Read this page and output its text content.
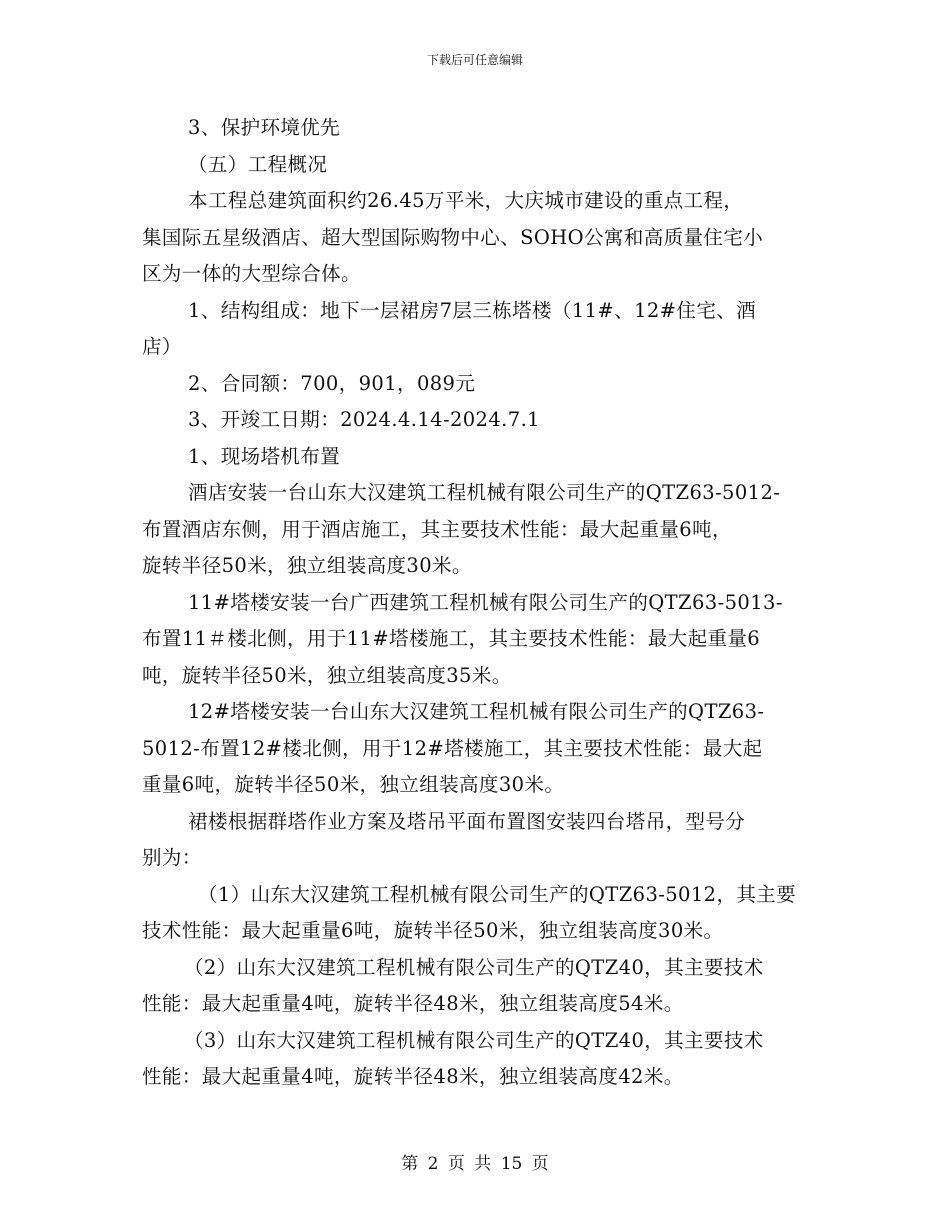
下载后可任意编辑
3、保护环境优先
（五）工程概况
本工程总建筑面积约26.45万平米，大庆城市建设的重点工程，
集国际五星级酒店、超大型国际购物中心、SOHO公寓和高质量住宅小
区为一体的大型综合体。
1、结构组成：地下一层裙房7层三栋塔楼（11#、12#住宅、酒
店）
2、合同额：700，901，089元
3、开竣工日期：2024.4.14-2024.7.1
1、现场塔机布置
酒店安装一台山东大汉建筑工程机械有限公司生产的QTZ63-5012-
布置酒店东侧，用于酒店施工，其主要技术性能：最大起重量6吨，
旋转半径50米，独立组装高度30米。
11#塔楼安装一台广西建筑工程机械有限公司生产的QTZ63-5013-
布置11＃楼北侧，用于11#塔楼施工，其主要技术性能：最大起重量6
吨，旋转半径50米，独立组装高度35米。
12#塔楼安装一台山东大汉建筑工程机械有限公司生产的QTZ63-
5012-布置12#楼北侧，用于12#塔楼施工，其主要技术性能：最大起
重量6吨，旋转半径50米，独立组装高度30米。
裙楼根据群塔作业方案及塔吊平面布置图安装四台塔吊，型号分
别为：
（1）山东大汉建筑工程机械有限公司生产的QTZ63-5012，其主要
技术性能：最大起重量6吨，旋转半径50米，独立组装高度30米。
（2）山东大汉建筑工程机械有限公司生产的QTZ40，其主要技术
性能：最大起重量4吨，旋转半径48米，独立组装高度54米。
（3）山东大汉建筑工程机械有限公司生产的QTZ40，其主要技术
性能：最大起重量4吨，旋转半径48米，独立组装高度42米。
第 2 页 共 15 页
